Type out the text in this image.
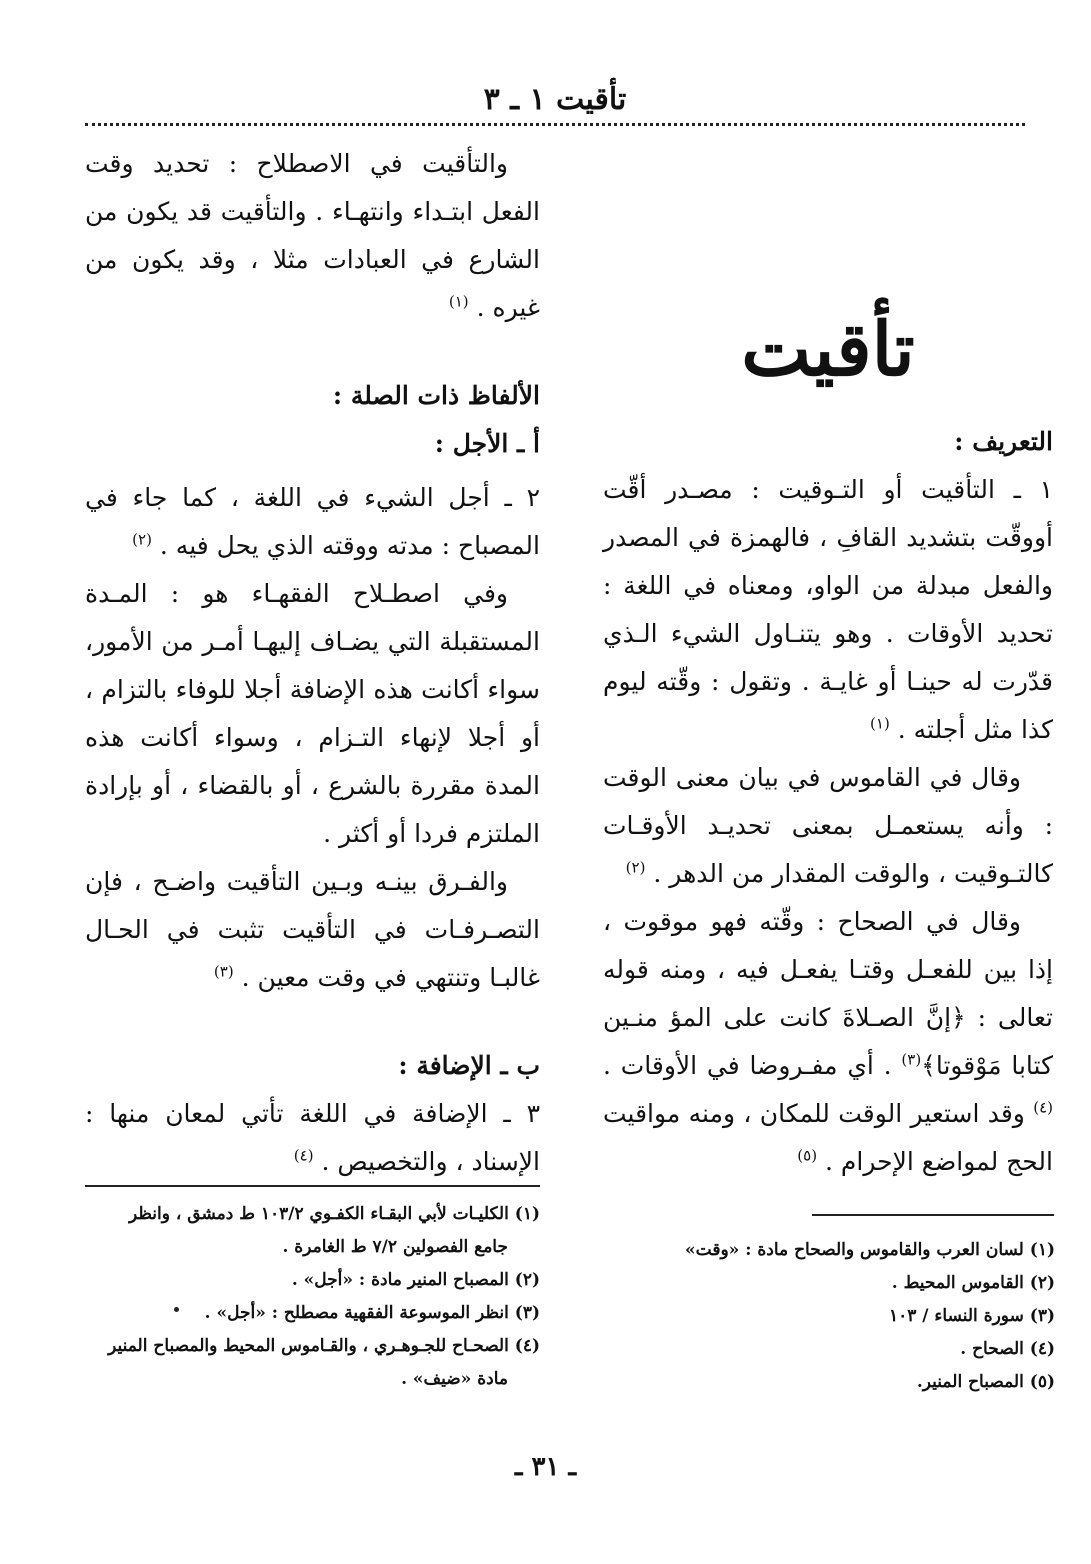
تأقيت ١ ـ ٣
تأقيت

التعريف :

١ ـ التأقيت أو التـوقيت : مصـدر أقّت أووقّت بتشديد القافِ ، فالهمزة في المصدر والفعل مبدلة من الواو، ومعناه في اللغة : تحديد الأوقات . وهو يتنـاول الشيء الـذي قدّرت له حينـا أو غايـة . وتقول : وقّته ليوم كذا مثل أجلته . $^{(١)}$

وقال في القاموس في بيان معنى الوقت : وأنه يستعمـل بمعنى تحديـد الأوقـات كالتـوقيت ، والوقت المقدار من الدهر . $^{(٢)}$

وقال في الصحاح : وقّته فهو موقوت ، إذا بين للفعـل وقتـا يفعـل فيه ، ومنه قوله تعالى : ﴿إنَّ الصـلاةَ كانت على المؤ منـين كتابا مَوْقوتا﴾$^{(٣)}$ . أي مفـروضا في الأوقات . $^{(٤)}$ وقد استعير الوقت للمكان ، ومنه مواقيت الحج لمواضع الإحرام . $^{(٥)}$

والتأقيت في الاصطلاح : تحديد وقت الفعل ابتـداء وانتهـاء . والتأقيت قد يكون من الشارع في العبادات مثلا ، وقد يكون من غيره . $^{(١)}$

الألفاظ ذات الصلة :

أ ـ الأجل :

٢ ـ أجل الشيء في اللغة ، كما جاء في المصباح : مدته ووقته الذي يحل فيه . $^{(٢)}$

وفي اصطـلاح الفقهـاء هو : المـدة المستقبلة التي يضـاف إليهـا أمـر من الأمور، سواء أكانت هذه الإضافة أجلا للوفاء بالتزام ، أو أجلا لإنهاء التـزام ، وسواء أكانت هذه المدة مقررة بالشرع ، أو بالقضاء ، أو بإرادة الملتزم فردا أو أكثر .

والفـرق بينـه وبـين التأقيت واضـح ، فإن التصـرفـات في التأقيت تثبت في الحـال غالبـا وتنتهي في وقت معين . $^{(٣)}$

ب ـ الإضافة :

٣ ـ الإضافة في اللغة تأتي لمعان منها : الإسناد ، والتخصيص . $^{(٤)}$

(١) لسان العرب والقاموس والصحاح مادة : «وقت»

(٢) القاموس المحيط .

(٣) سورة النساء / ١٠٣

(٤) الصحاح .

(٥) المصباح المنير.

(١) الكليـات لأبي البقـاء الكفـوي ١٠٣/٢ ط دمشق ، وانظر

جامع الفصولين ٧/٢ ط الغامرة .

(٢) المصباح المنير مادة : «أجل» .

(٣) انظر الموسوعة الفقهية مصطلح : «أجل» .

(٤) الصحـاح للجـوهـري ، والقـاموس المحيط والمصباح المنير

مادة «ضيف» .

ـ ٣١ ـ
